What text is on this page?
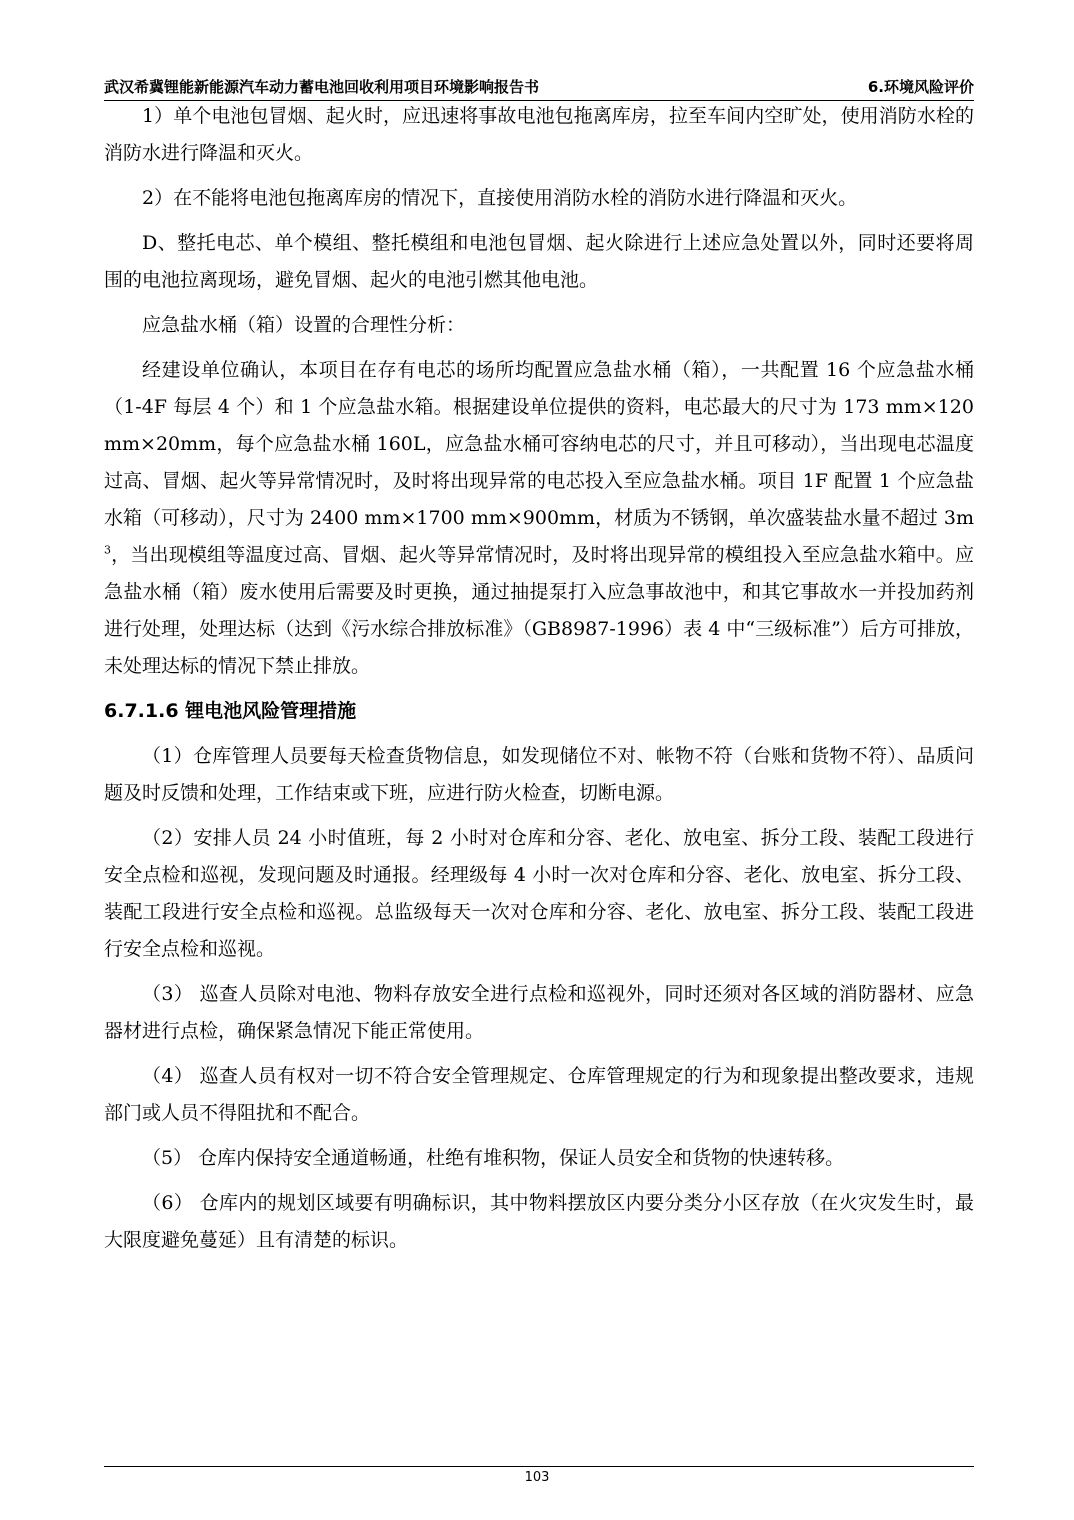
武汉希冀锂能新能源汽车动力蓄电池回收利用项目环境影响报告书	6.环境风险评价

1）单个电池包冒烟、起火时，应迅速将事故电池包拖离库房，拉至车间内空旷处，使用消防水栓的消防水进行降温和灭火。

2）在不能将电池包拖离库房的情况下，直接使用消防水栓的消防水进行降温和灭火。

D、整托电芯、单个模组、整托模组和电池包冒烟、起火除进行上述应急处置以外，同时还要将周围的电池拉离现场，避免冒烟、起火的电池引燃其他电池。

应急盐水桶（箱）设置的合理性分析：

经建设单位确认，本项目在存有电芯的场所均配置应急盐水桶（箱），一共配置 16 个应急盐水桶（1-4F 每层 4 个）和 1 个应急盐水箱。根据建设单位提供的资料，电芯最大的尺寸为 173 mm×120 mm×20mm，每个应急盐水桶 160L，应急盐水桶可容纳电芯的尺寸，并且可移动），当出现电芯温度过高、冒烟、起火等异常情况时，及时将出现异常的电芯投入至应急盐水桶。项目 1F 配置 1 个应急盐水箱（可移动），尺寸为 2400 mm×1700 mm×900mm，材质为不锈钢，单次盛装盐水量不超过 $3m^3$，当出现模组等温度过高、冒烟、起火等异常情况时，及时将出现异常的模组投入至应急盐水箱中。应急盐水桶（箱）废水使用后需要及时更换，通过抽提泵打入应急事故池中，和其它事故水一并投加药剂进行处理，处理达标（达到《污水综合排放标准》（GB8987-1996）表 4 中“三级标准”）后方可排放，未处理达标的情况下禁止排放。

6.7.1.6 锂电池风险管理措施

（1）仓库管理人员要每天检查货物信息，如发现储位不对、帐物不符（台账和货物不符）、品质问题及时反馈和处理，工作结束或下班，应进行防火检查，切断电源。

（2）安排人员 24 小时值班，每 2 小时对仓库和分容、老化、放电室、拆分工段、装配工段进行安全点检和巡视，发现问题及时通报。经理级每 4 小时一次对仓库和分容、老化、放电室、拆分工段、装配工段进行安全点检和巡视。总监级每天一次对仓库和分容、老化、放电室、拆分工段、装配工段进行安全点检和巡视。

（3） 巡查人员除对电池、物料存放安全进行点检和巡视外，同时还须对各区域的消防器材、应急器材进行点检，确保紧急情况下能正常使用。

（4） 巡查人员有权对一切不符合安全管理规定、仓库管理规定的行为和现象提出整改要求，违规部门或人员不得阻扰和不配合。

（5） 仓库内保持安全通道畅通，杜绝有堆积物，保证人员安全和货物的快速转移。

（6） 仓库内的规划区域要有明确标识，其中物料摆放区内要分类分小区存放（在火灾发生时，最大限度避免蔓延）且有清楚的标识。

103
